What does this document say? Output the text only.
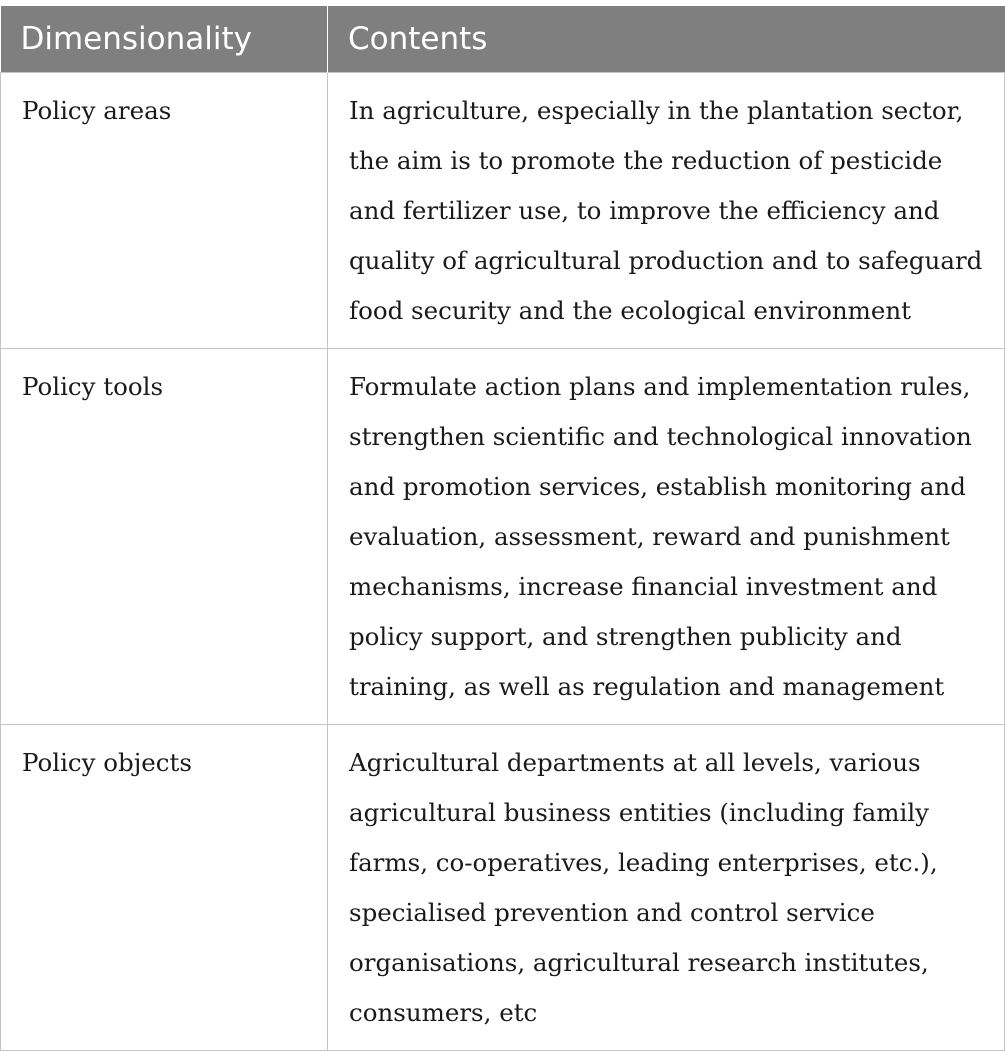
Dimensionality	Contents
Policy areas	In agriculture, especially in the plantation sector, the aim is to promote the reduction of pesticide and fertilizer use, to improve the efficiency and quality of agricultural production and to safeguard food security and the ecological environment
Policy tools	Formulate action plans and implementation rules, strengthen scientific and technological innovation and promotion services, establish monitoring and evaluation, assessment, reward and punishment mechanisms, increase financial investment and policy support, and strengthen publicity and training, as well as regulation and management
Policy objects	Agricultural departments at all levels, various agricultural business entities (including family farms, co-operatives, leading enterprises, etc.), specialised prevention and control service organisations, agricultural research institutes, consumers, etc
